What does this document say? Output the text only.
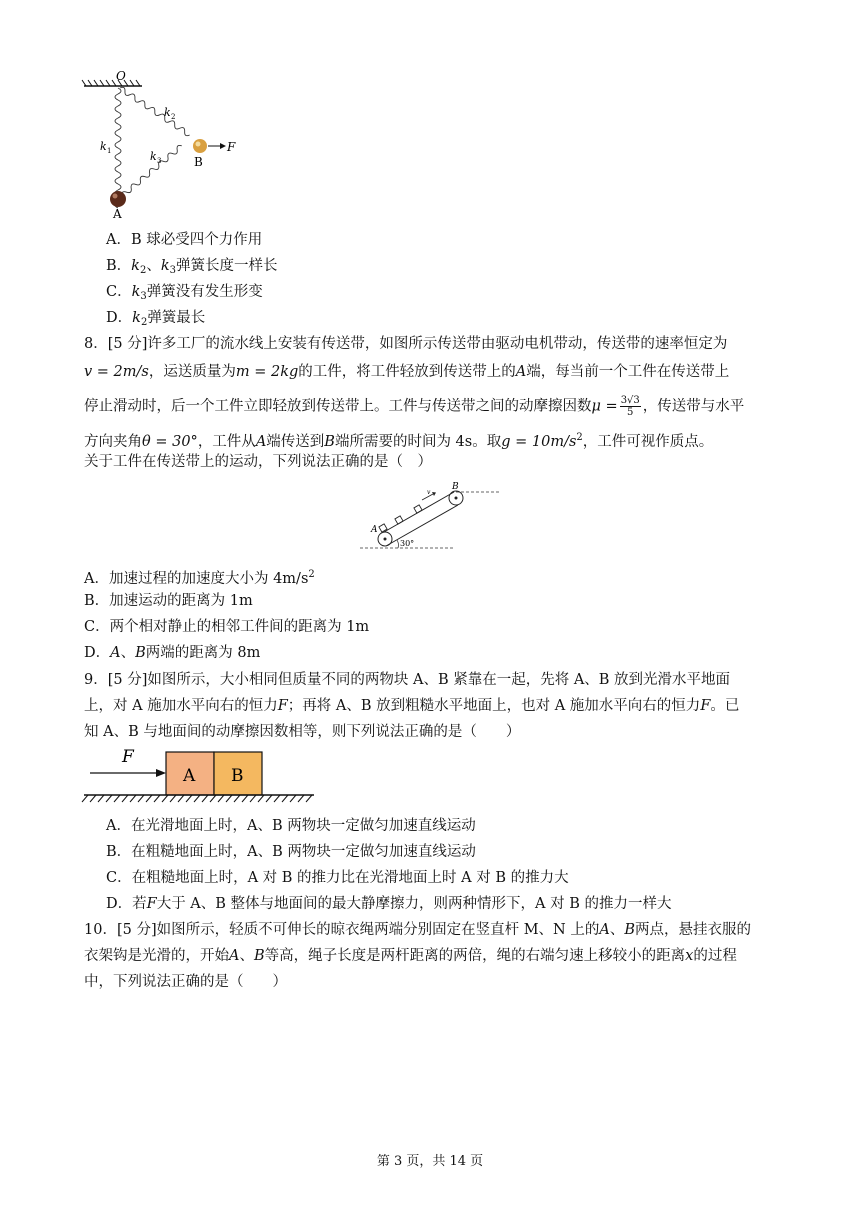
O
k 2
k 1	k 3	B
F
A
A．B 球必受四个力作用
B．$k_2$、$k_3$弹簧长度一样长
C．$k_3$弹簧没有发生形变
D．$k_2$弹簧最长
8．[5 分]许多工厂的流水线上安装有传送带，如图所示传送带由驱动电机带动，传送带的速率恒定为
v = 2m/s，运送质量为m = 2kg的工件，将工件轻放到传送带上的A端，每当前一个工件在传送带上
停止滑动时，后一个工件立即轻放到传送带上。工件与传送带之间的动摩擦因数$\mu = \frac{3√3}{5}$ ，传送带与水平
方向夹角θ = 30°，工件从A端传送到B端所需要的时间为 4s。取$g = 10m/s^2$，工件可视作质点。
关于工件在传送带上的运动，下列说法正确的是（　）
A
B
v
30°
A．加速过程的加速度大小为 $4m/s^2$
B．加速运动的距离为 1m
C．两个相对静止的相邻工件间的距离为 1m
D．A、B两端的距离为 8m
9．[5 分]如图所示，大小相同但质量不同的两物块 A、B 紧靠在一起，先将 A、B 放到光滑水平地面
上，对 A 施加水平向右的恒力F；再将 A、B 放到粗糙水平地面上，也对 A 施加水平向右的恒力F。已
知 A、B 与地面间的动摩擦因数相等，则下列说法正确的是（　　）
F
A B
A．在光滑地面上时，A、B 两物块一定做匀加速直线运动
B．在粗糙地面上时，A、B 两物块一定做匀加速直线运动
C．在粗糙地面上时，A 对 B 的推力比在光滑地面上时 A 对 B 的推力大
D．若F大于 A、B 整体与地面间的最大静摩擦力，则两种情形下，A 对 B 的推力一样大
10．[5 分]如图所示，轻质不可伸长的晾衣绳两端分别固定在竖直杆 M、N 上的A、B两点，悬挂衣服的
衣架钩是光滑的，开始A、B等高，绳子长度是两杆距离的两倍，绳的右端匀速上移较小的距离x的过程
中，下列说法正确的是（　　）
第 3 页，共 14 页
